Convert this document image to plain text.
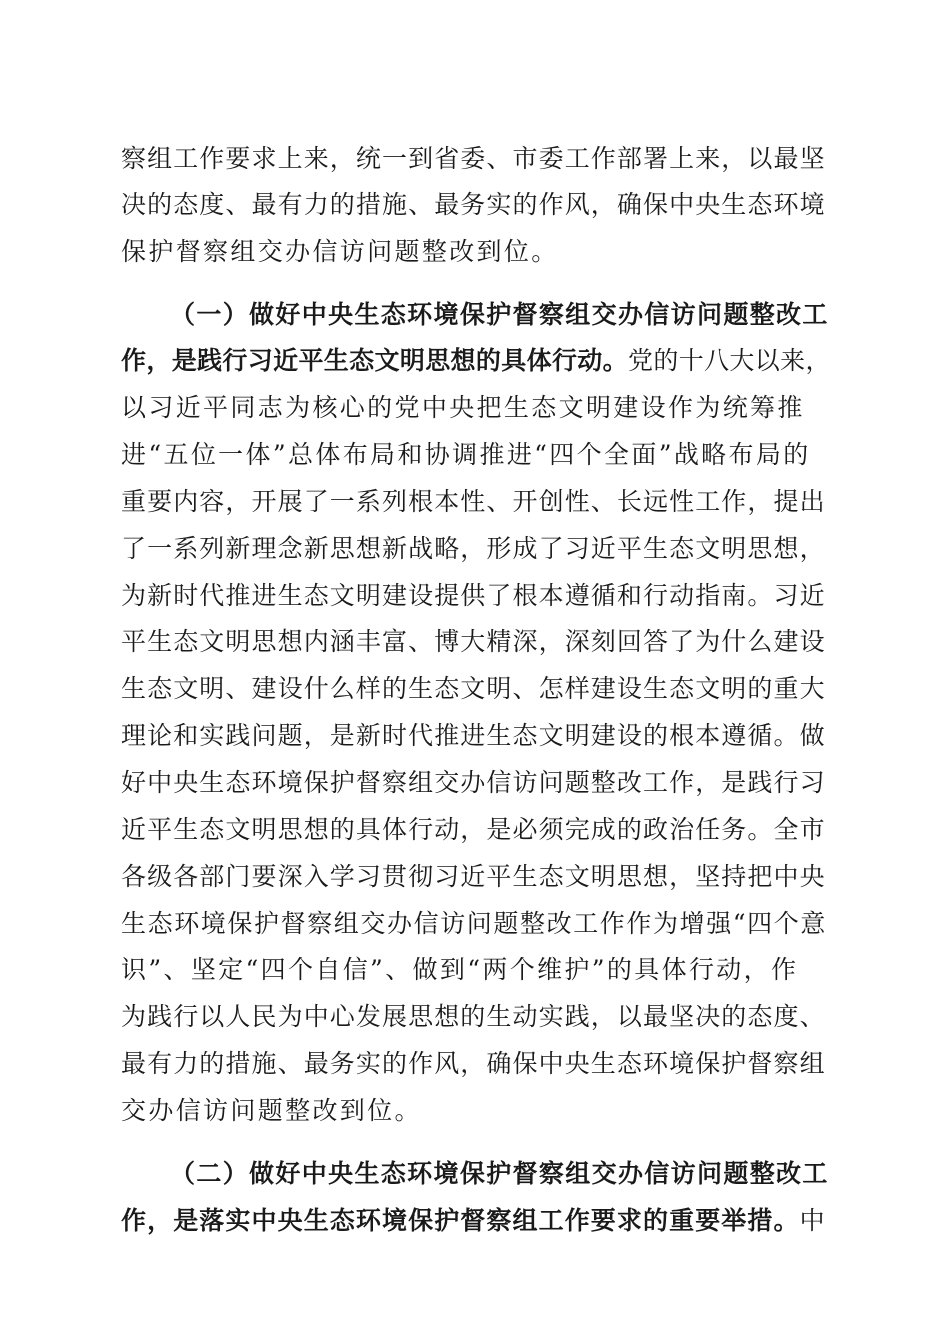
察组工作要求上来，统一到省委、市委工作部署上来，以最坚
决的态度、最有力的措施、最务实的作风，确保中央生态环境
保护督察组交办信访问题整改到位。
（一）做好中央生态环境保护督察组交办信访问题整改工
作，是践行习近平生态文明思想的具体行动。党的十八大以来，
以习近平同志为核心的党中央把生态文明建设作为统筹推
进“五位一体”总体布局和协调推进“四个全面”战略布局的
重要内容，开展了一系列根本性、开创性、长远性工作，提出
了一系列新理念新思想新战略，形成了习近平生态文明思想，
为新时代推进生态文明建设提供了根本遵循和行动指南。习近
平生态文明思想内涵丰富、博大精深，深刻回答了为什么建设
生态文明、建设什么样的生态文明、怎样建设生态文明的重大
理论和实践问题，是新时代推进生态文明建设的根本遵循。做
好中央生态环境保护督察组交办信访问题整改工作，是践行习
近平生态文明思想的具体行动，是必须完成的政治任务。全市
各级各部门要深入学习贯彻习近平生态文明思想，坚持把中央
生态环境保护督察组交办信访问题整改工作作为增强“四个意
识”、坚定“四个自信”、做到“两个维护”的具体行动，作
为践行以人民为中心发展思想的生动实践，以最坚决的态度、
最有力的措施、最务实的作风，确保中央生态环境保护督察组
交办信访问题整改到位。
（二）做好中央生态环境保护督察组交办信访问题整改工
作，是落实中央生态环境保护督察组工作要求的重要举措。中
